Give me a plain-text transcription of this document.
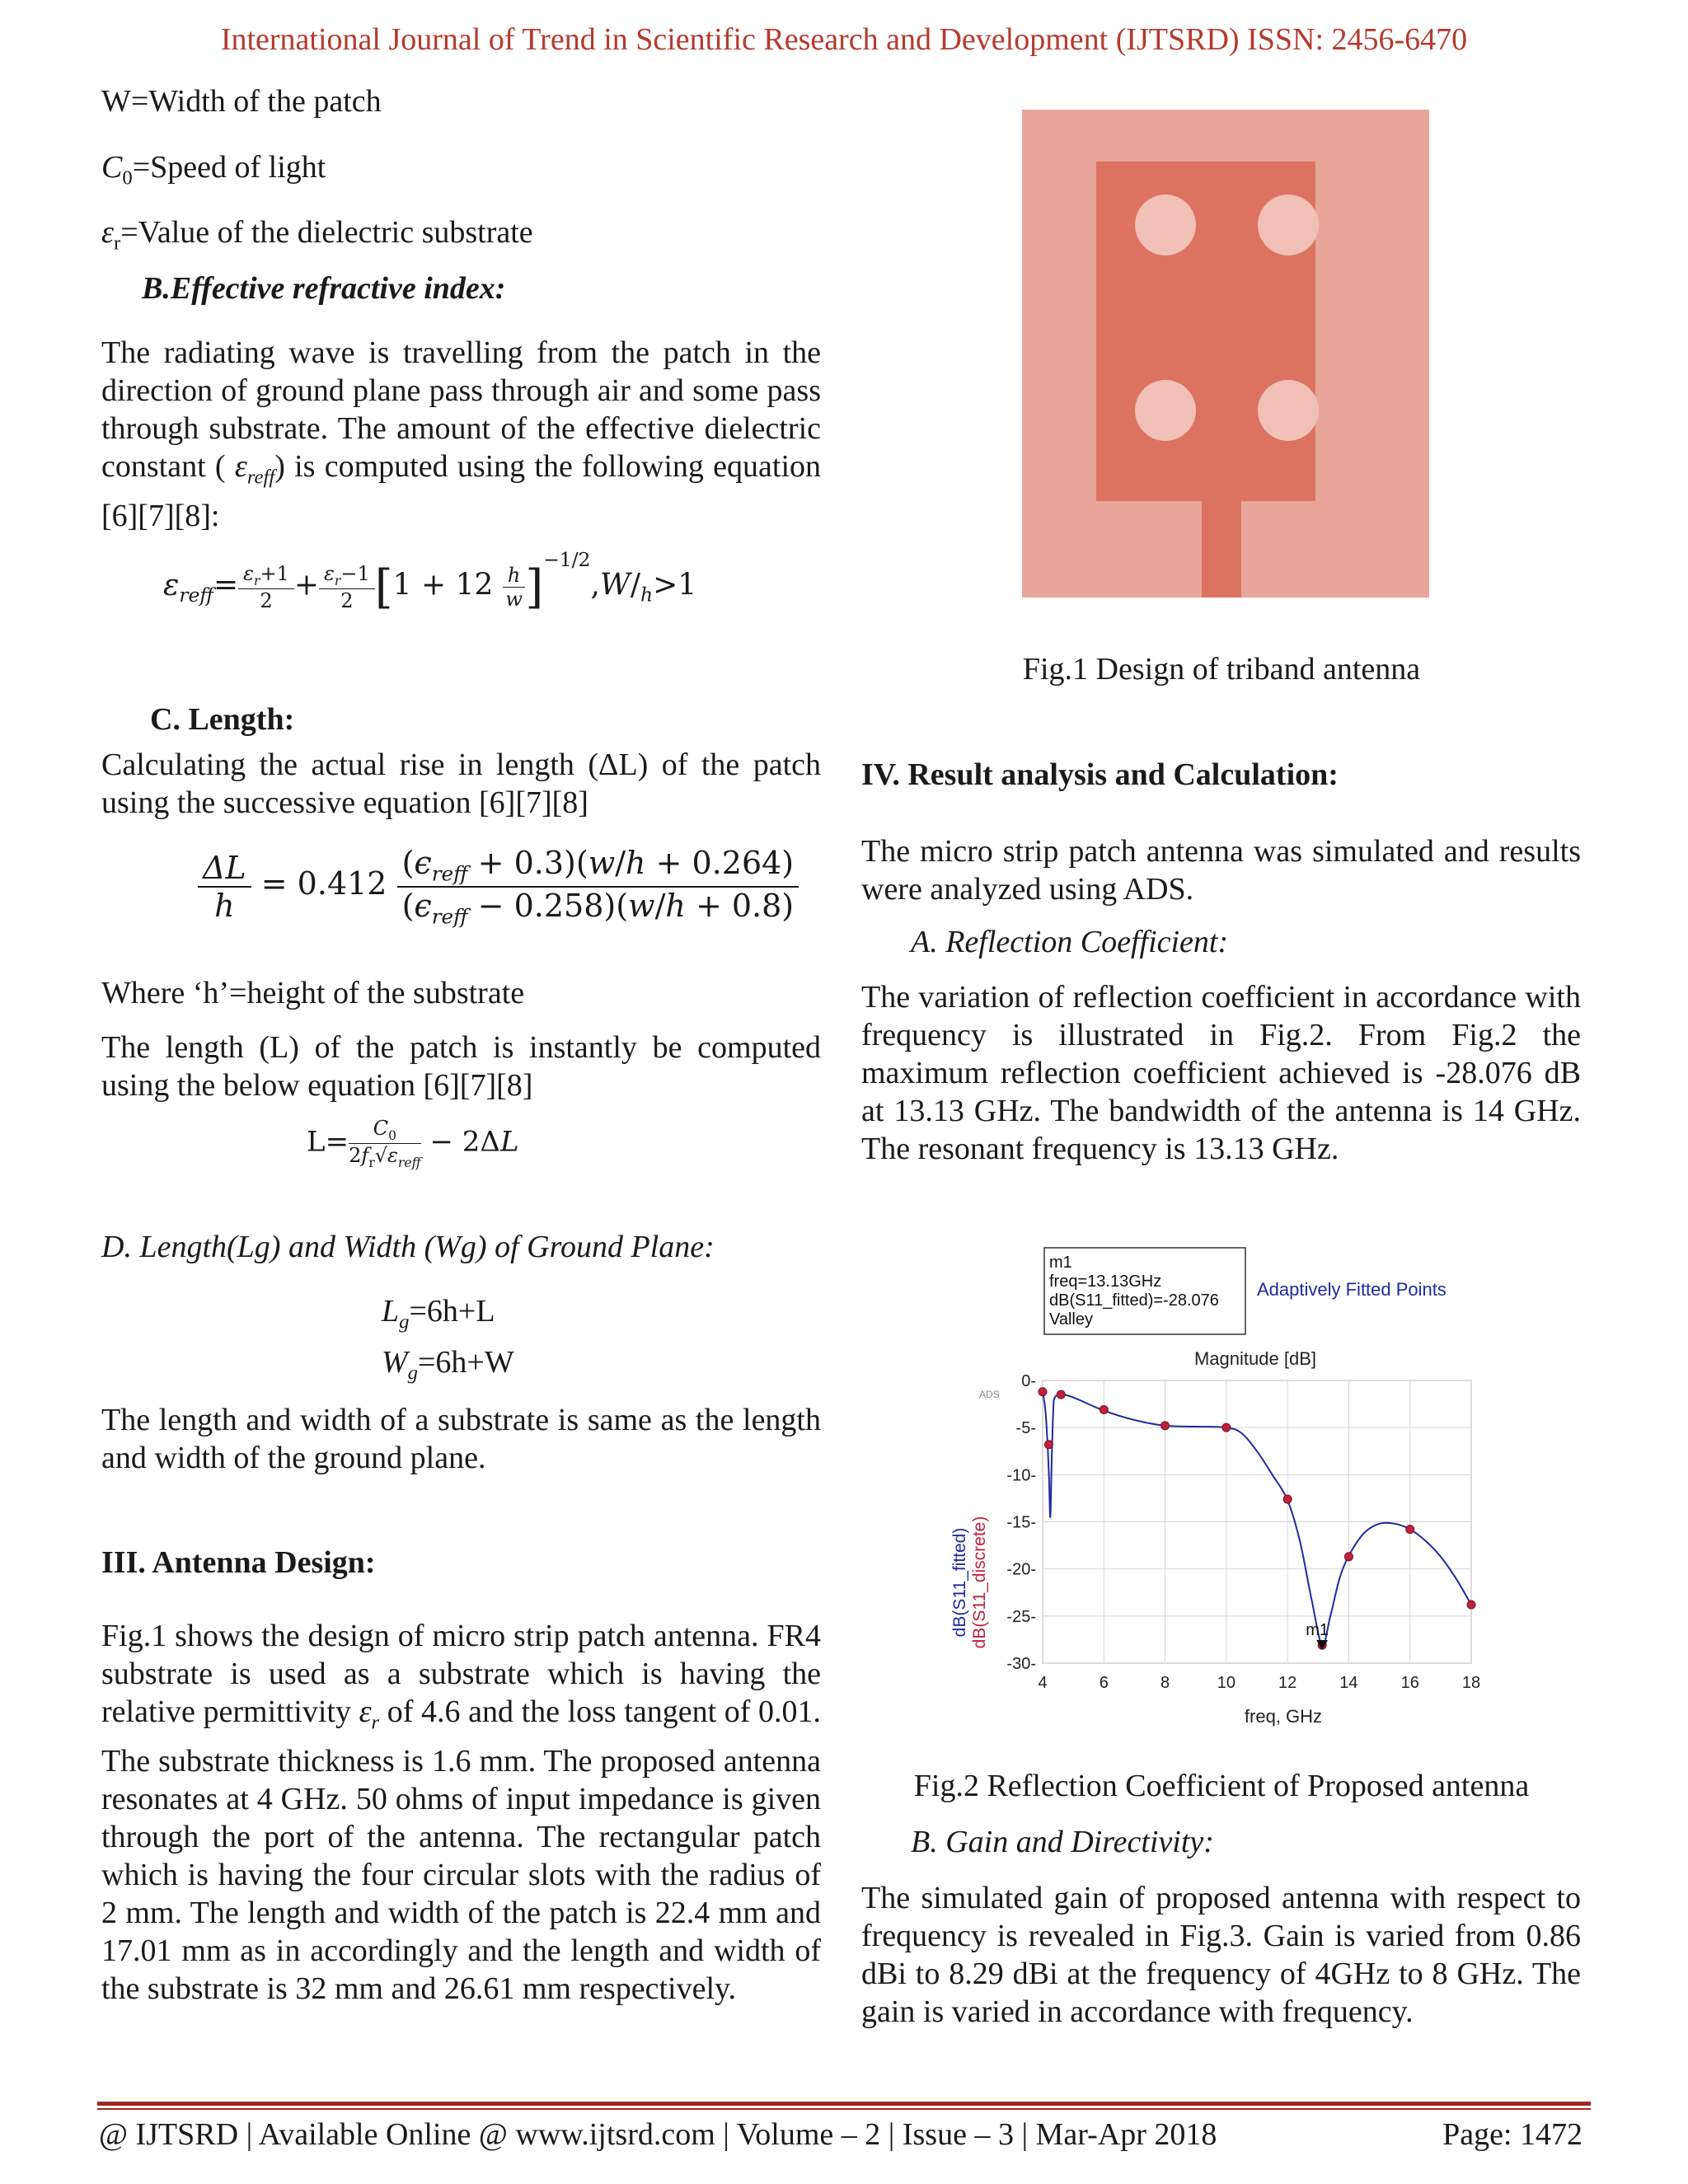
International Journal of Trend in Scientific Research and Development (IJTSRD) ISSN: 2456-6470
W=Width of the patch
$C_0=Speed$ of light
$\varepsilon_r=Value$ of the dielectric substrate
B.Effective refractive index:
The radiating wave is travelling from the patch in the direction of ground plane pass through air and some pass through substrate. The amount of the effective dielectric constant ( $\varepsilon_{reff}$) is computed using the following equation [6][7][8]:
$\varepsilon_{reff}= \frac{\varepsilon_r+1}{2} + \frac{\varepsilon_r-1}{2} [1 + 12 \frac{h}{w} ]^{-1/2},W/_h>1$
C. Length:
Calculating the actual rise in length (ΔL) of the patch using the successive equation [6][7][8]
$\frac{\Delta L}{h} = 0.412 \frac{(\epsilon_{reff} + 0.3)(w/h + 0.264)}{(\epsilon_{reff} - 0.258)(w/h + 0.8)}$
Where ‘h’=height of the substrate
The length (L) of the patch is instantly be computed using the below equation [6][7][8]
$L= \frac{C_0}{2f_r√\varepsilon_{reff}} - 2\Delta L$
D. Length(Lg) and Width (Wg) of Ground Plane:
$L_g=6h+L$
$W_g=6h+W$
The length and width of a substrate is same as the length and width of the ground plane.
III. Antenna Design:
Fig.1 shows the design of micro strip patch antenna. FR4 substrate is used as a substrate which is having the relative permittivity $\varepsilon_r$ of 4.6 and the loss tangent of 0.01. The substrate thickness is 1.6 mm. The proposed antenna resonates at 4 GHz. 50 ohms of input impedance is given through the port of the antenna. The rectangular patch which is having the four circular slots with the radius of 2 mm. The length and width of the patch is 22.4 mm and 17.01 mm as in accordingly and the length and width of the substrate is 32 mm and 26.61 mm respectively.
Fig.1 Design of triband antenna
IV. Result analysis and Calculation:
The micro strip patch antenna was simulated and results were analyzed using ADS.
A. Reflection Coefficient:
The variation of reflection coefficient in accordance with frequency is illustrated in Fig.2. From Fig.2 the maximum reflection coefficient achieved is -28.076 dB at 13.13 GHz. The bandwidth of the antenna is 14 GHz. The resonant frequency is 13.13 GHz.
m1
freq=13.13GHz
dB(S11_fitted)=-28.076
Valley
Adaptively Fitted Points
Magnitude [dB]
ADS
0-
-5-
-10-
-15-
-20-
-25-
-30-
4	6	8	10	12	14	16	18
m1
dB(S11_fitted) dB(S11_discrete)
freq, GHz
Fig.2 Reflection Coefficient of Proposed antenna
B. Gain and Directivity:
The simulated gain of proposed antenna with respect to frequency is revealed in Fig.3. Gain is varied from 0.86 dBi to 8.29 dBi at the frequency of 4GHz to 8 GHz. The gain is varied in accordance with frequency.
@ IJTSRD | Available Online @ www.ijtsrd.com | Volume – 2 | Issue – 3 | Mar-Apr 2018	Page: 1472
